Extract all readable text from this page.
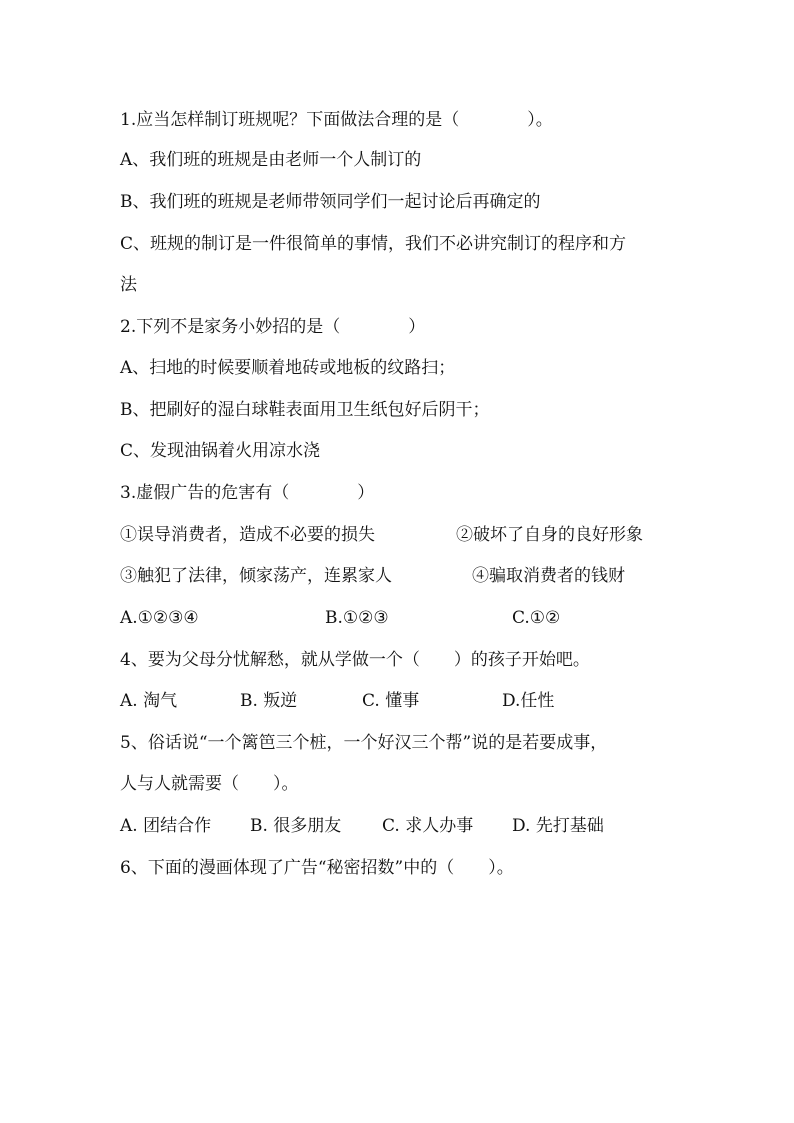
1.应当怎样制订班规呢？下面做法合理的是（　　　　）。
A、我们班的班规是由老师一个人制订的
B、我们班的班规是老师带领同学们一起讨论后再确定的
C、班规的制订是一件很简单的事情，我们不必讲究制订的程序和方
法
2.下列不是家务小妙招的是（　　　　）
A、扫地的时候要顺着地砖或地板的纹路扫；
B、把刷好的湿白球鞋表面用卫生纸包好后阴干；
C、发现油锅着火用凉水浇
3.虚假广告的危害有（　　　　）
①误导消费者，造成不必要的损失	②破坏了自身的良好形象
③触犯了法律，倾家荡产，连累家人	④骗取消费者的钱财
A.①②③④	B.①②③	C.①②
4、要为父母分忧解愁，就从学做一个（　　）的孩子开始吧。
A. 淘气	B. 叛逆	C. 懂事	D.任性
5、俗话说“一个篱笆三个桩，一个好汉三个帮”说的是若要成事，
人与人就需要（　　）。
A. 团结合作 B. 很多朋友 C. 求人办事 D. 先打基础
6、下面的漫画体现了广告“秘密招数”中的（　　）。
